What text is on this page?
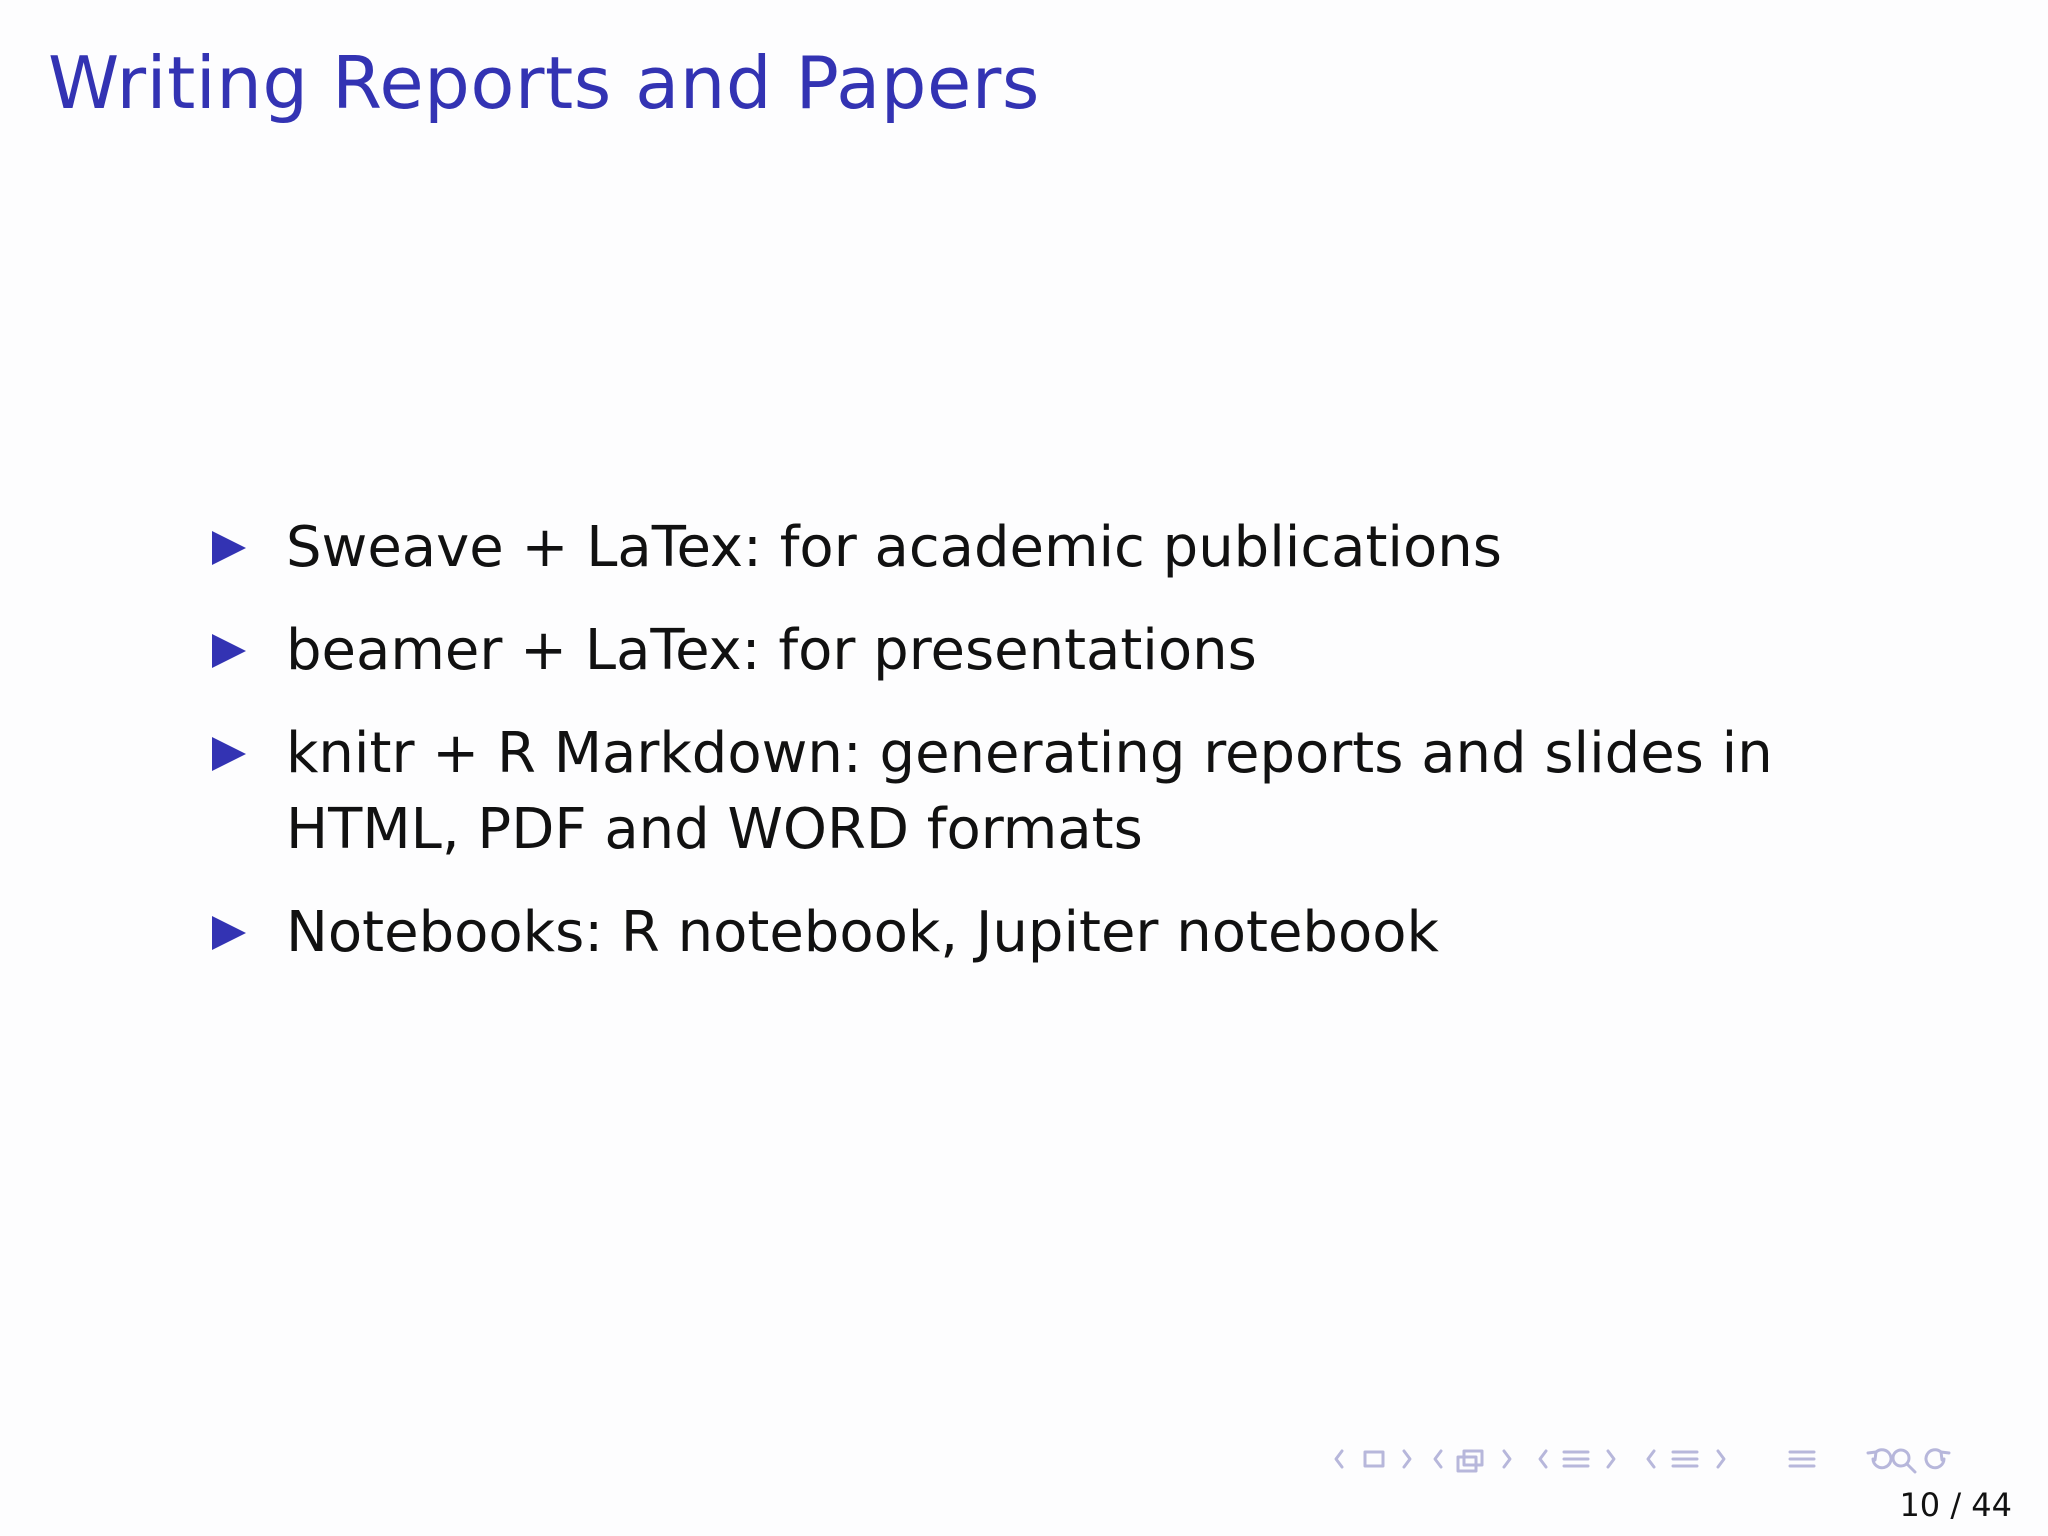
Writing Reports and Papers
Sweave + LaTex: for academic publications
beamer + LaTex: for presentations
knitr + R Markdown: generating reports and slides in HTML, PDF and WORD formats
Notebooks: R notebook, Jupiter notebook
10 / 44
